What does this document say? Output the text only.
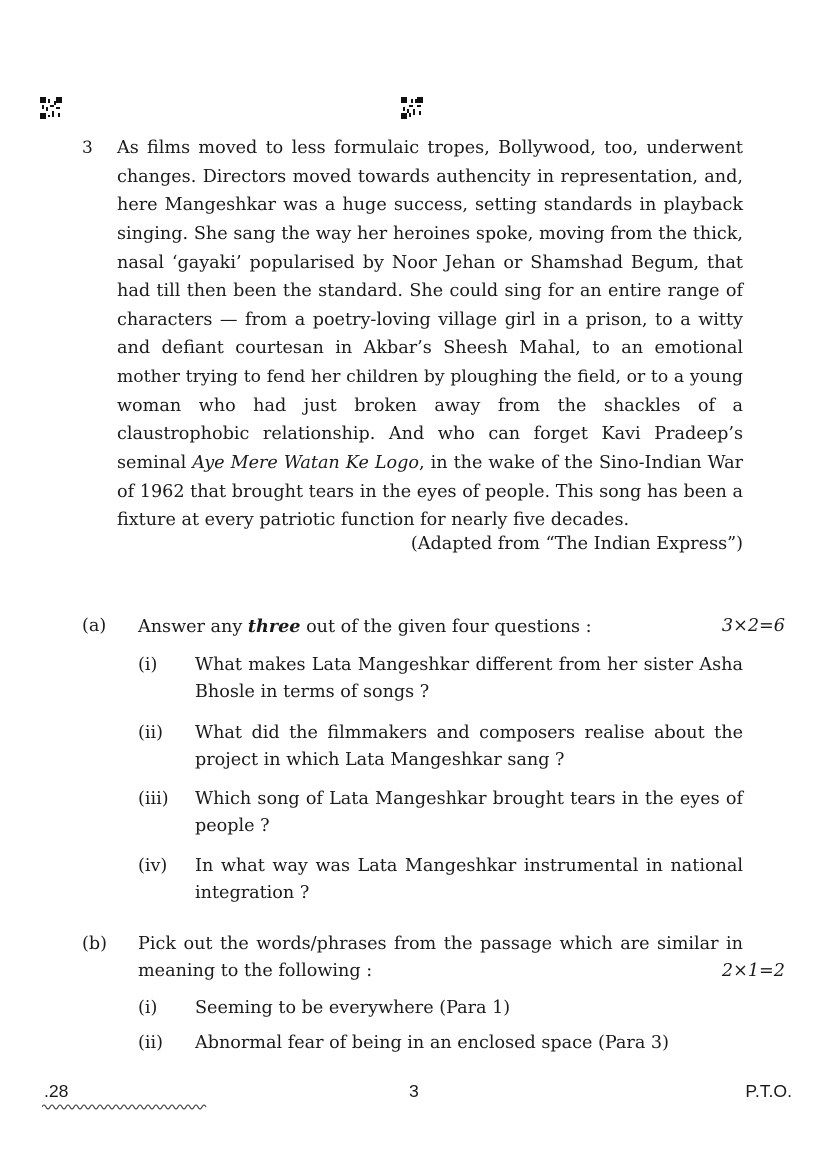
3 As films moved to less formulaic tropes, Bollywood, too, underwent
changes. Directors moved towards authencity in representation, and,
here Mangeshkar was a huge success, setting standards in playback
singing. She sang the way her heroines spoke, moving from the thick,
nasal ‘gayaki’ popularised by Noor Jehan or Shamshad Begum, that
had till then been the standard. She could sing for an entire range of
characters — from a poetry-loving village girl in a prison, to a witty
and defiant courtesan in Akbar’s Sheesh Mahal, to an emotional
mother trying to fend her children by ploughing the field, or to a young
woman who had just broken away from the shackles of a
claustrophobic relationship. And who can forget Kavi Pradeep’s
seminal Aye Mere Watan Ke Logo, in the wake of the Sino-Indian War
of 1962 that brought tears in the eyes of people. This song has been a
fixture at every patriotic function for nearly five decades.
(Adapted from “The Indian Express”)
(a) Answer any three out of the given four questions :	3×2=6
(i) What makes Lata Mangeshkar different from her sister Asha
Bhosle in terms of songs ?
(ii) What did the filmmakers and composers realise about the
project in which Lata Mangeshkar sang ?
(iii) Which song of Lata Mangeshkar brought tears in the eyes of
people ?
(iv) In what way was Lata Mangeshkar instrumental in national
integration ?
(b) Pick out the words/phrases from the passage which are similar in
meaning to the following :	2×1=2
(i) Seeming to be everywhere (Para 1)
(ii) Abnormal fear of being in an enclosed space (Para 3)
.28	3	P.T.O.
